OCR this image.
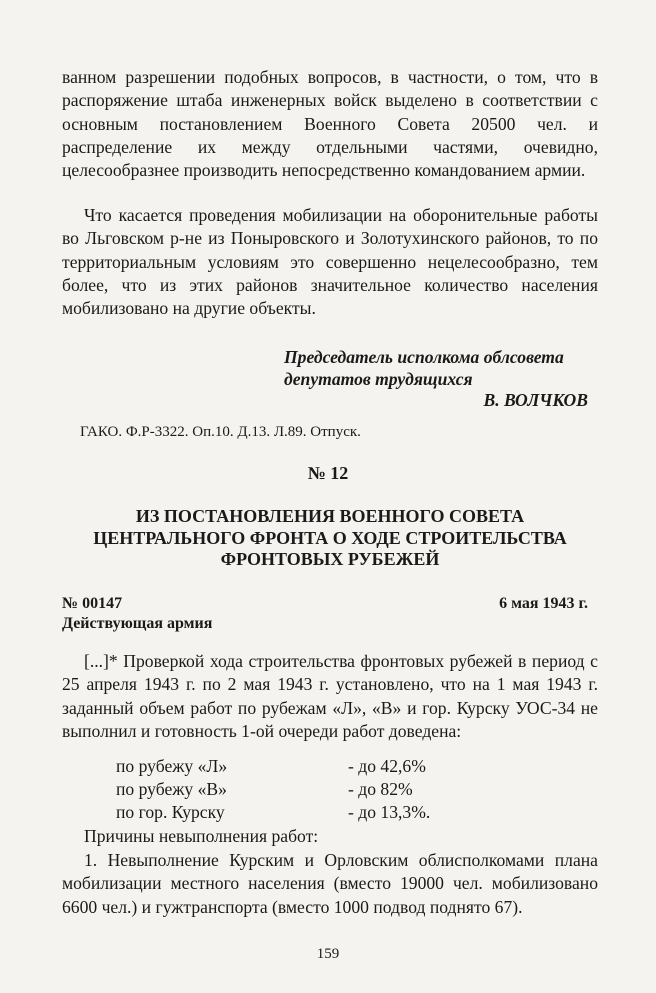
ванном разрешении подобных вопросов, в частности, о том, что в распоряжение штаба инженерных войск выделено в соответствии с основным постановлением Военного Совета 20500 чел. и распределение их между отдельными частями, очевидно, целесообразнее производить непосредственно командованием армии.

Что касается проведения мобилизации на оборонительные работы во Льговском р-не из Поныровского и Золотухинского районов, то по территориальным условиям это совершенно нецелесообразно, тем более, что из этих районов значительное количество населения мобилизовано на другие объекты.

Председатель исполкома облсовета

депутатов трудящихся

В. ВОЛЧКОВ

ГАКО. Ф.Р-3322. Оп.10. Д.13. Л.89. Отпуск.

№ 12

ИЗ ПОСТАНОВЛЕНИЯ ВОЕННОГО СОВЕТА ЦЕНТРАЛЬНОГО ФРОНТА О ХОДЕ СТРОИТЕЛЬСТВА ФРОНТОВЫХ РУБЕЖЕЙ

№ 00147	6 мая 1943 г.

Действующая армия

[...]* Проверкой хода строительства фронтовых рубежей в период с 25 апреля 1943 г. по 2 мая 1943 г. установлено, что на 1 мая 1943 г. заданный объем работ по рубежам «Л», «В» и гор. Курску УОС-34 не выполнил и готовность 1-ой очереди работ доведена:

по рубежу «Л»	- до 42,6%
по рубежу «В»	- до 82%
по гор. Курску	- до 13,3%.

Причины невыполнения работ:

1. Невыполнение Курским и Орловским облисполкомами плана мобилизации местного населения (вместо 19000 чел. мобилизовано 6600 чел.) и гужтранспорта (вместо 1000 подвод поднято 67).

159
